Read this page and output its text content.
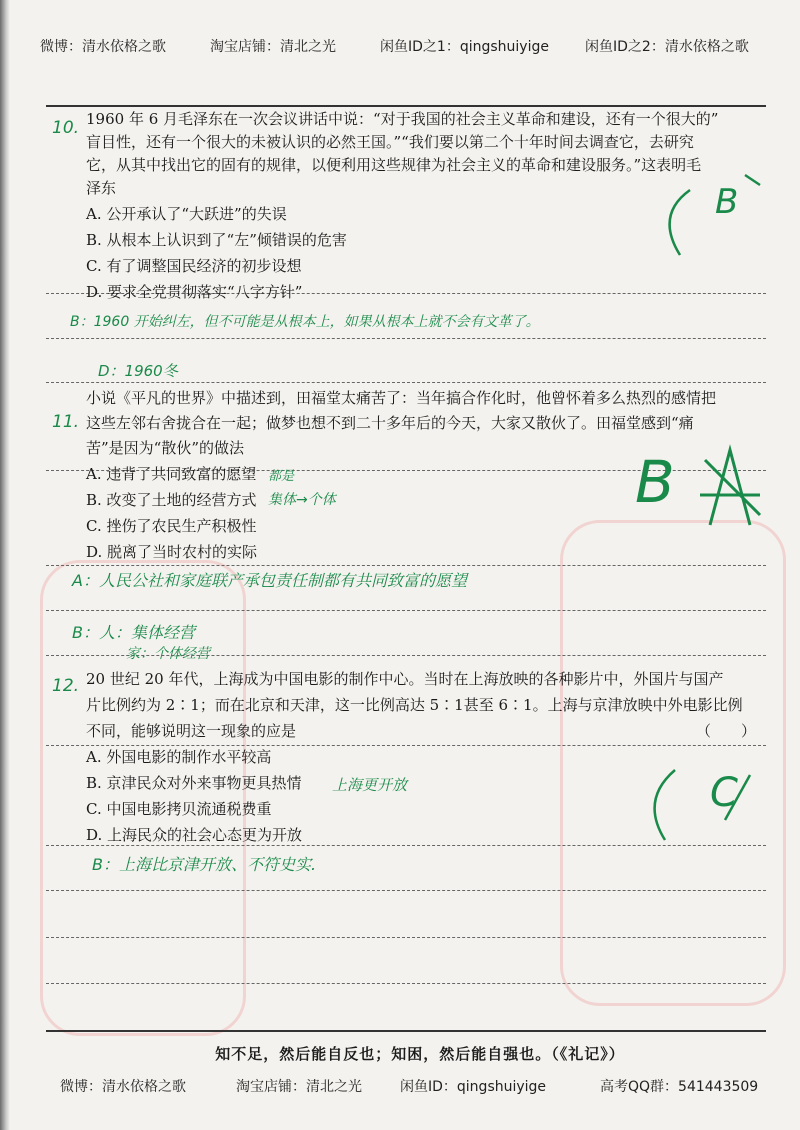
微博：清水依格之歌	淘宝店铺：清北之光	闲鱼ID之1：qingshuiyige	闲鱼ID之2：清水依格之歌
10. 1960 年 6 月毛泽东在一次会议讲话中说：“对于我国的社会主义革命和建设，还有一个很大的”
盲目性，还有一个很大的未被认识的必然王国。”“我们要以第二个十年时间去调查它，去研究
它，从其中找出它的固有的规律，以便利用这些规律为社会主义的革命和建设服务。”这表明毛
泽东
A. 公开承认了“大跃进”的失误
B. 从根本上认识到了“左”倾错误的危害
C. 有了调整国民经济的初步设想
D. 要求全党贯彻落实“八字方针”
B
B：1960 开始纠左，但不可能是从根本上，如果从根本上就不会有文革了。
D：1960冬
11.
小说《平凡的世界》中描述到，田福堂太痛苦了：当年搞合作化时，他曾怀着多么热烈的感情把
这些左邻右舍拢合在一起；做梦也想不到二十多年后的今天，大家又散伙了。田福堂感到“痛
苦”是因为“散伙”的做法
A. 违背了共同致富的愿望 都是
B. 改变了土地的经营方式 集体→个体
C. 挫伤了农民生产积极性
D. 脱离了当时农村的实际
B
A：人民公社和家庭联产承包责任制都有共同致富的愿望
B：人：集体经营
家：个体经营
12. 20 世纪 20 年代，上海成为中国电影的制作中心。当时在上海放映的各种影片中，外国片与国产
片比例约为 2∶1；而在北京和天津，这一比例高达 5∶1甚至 6∶1。上海与京津放映中外电影比例
不同，能够说明这一现象的应是	（　　）
A. 外国电影的制作水平较高
B. 京津民众对外来事物更具热情 上海更开放
C. 中国电影拷贝流通税费重
D. 上海民众的社会心态更为开放
C
B：上海比京津开放、不符史实.
知不足，然后能自反也；知困，然后能自强也。（《礼记》）
微博：清水依格之歌	淘宝店铺：清北之光	闲鱼ID：qingshuiyige	高考QQ群：541443509
